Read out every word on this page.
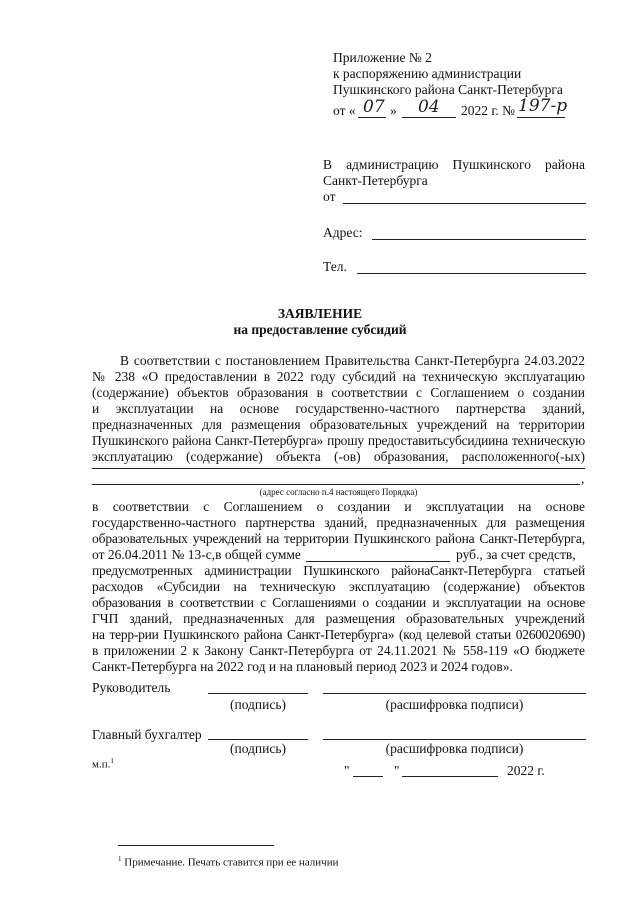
Приложение № 2
к распоряжению администрации
Пушкинского района Санкт-Петербурга
от « 07 » 04 2022 г. № 197-р
В администрацию Пушкинского района
Санкт-Петербурга
от
Адрес:
Тел.
ЗАЯВЛЕНИЕ
на предоставление субсидий
В соответствии с постановлением Правительства Санкт-Петербурга 24.03.2022
№ 238 «О предоставлении в 2022 году субсидий на техническую эксплуатацию
(содержание) объектов образования в соответствии с Соглашением о создании
и эксплуатации на основе государственно-частного партнерства зданий,
предназначенных для размещения образовательных учреждений на территории
Пушкинского района Санкт-Петербурга» прошу предоставитьсубсидиина техническую
эксплуатацию (содержание) объекта (-ов) образования, расположенного(-ых)
,
(адрес согласно п.4 настоящего Порядка)
в соответствии с Соглашением о создании и эксплуатации на основе
государственно-частного партнерства зданий, предназначенных для размещения
образовательных учреждений на территории Пушкинского района Санкт-Петербурга,
от 26.04.2011 № 13-с,в общей сумме	руб., за счет средств,
предусмотренных администрации Пушкинского районаСанкт-Петербурга статьей
расходов «Субсидии на техническую эксплуатацию (содержание) объектов
образования в соответствии с Соглашениями о создании и эксплуатации на основе
ГЧП зданий, предназначенных для размещения образовательных учреждений
на терр-рии Пушкинского района Санкт-Петербурга» (код целевой статьи 0260020690)
в приложении 2 к Закону Санкт-Петербурга от 24.11.2021 № 558-119 «О бюджете
Санкт-Петербурга на 2022 год и на плановый период 2023 и 2024 годов».
Руководитель
(подпись)	(расшифровка подписи)
Главный бухгалтер
(подпись)	(расшифровка подписи)
м.п.$^1$
"	"	2022 г.
$^1$ Примечание. Печать ставится при ее наличии
